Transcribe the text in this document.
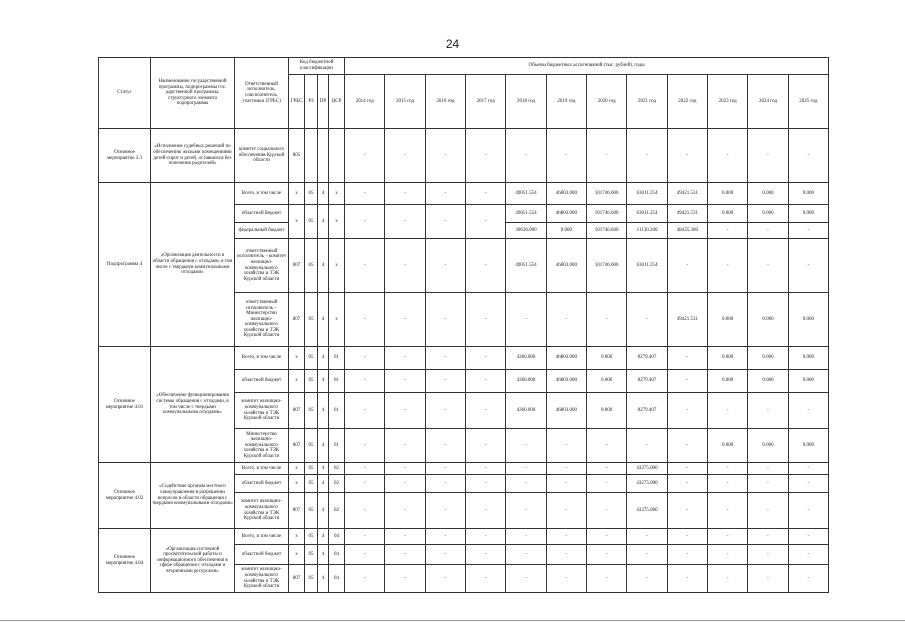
24
Статус	Наименование государственной программы, подпрограммы гос. дарственной программы, структурного элемента подпрограммы	Ответственный исполнитель, соисполнитель, участники (ГРБС)	Код бюджетной классификации				Объемы бюджетных ассигнований (тыс. рублей), годы											
			ГРБС	РЗ	ПР	ЦСР	2014 год	2015 год	2016 год	2017 год	2018 год	2019 год	2020 год	2021 год	2022 год	2023 год	2024 год	2025 год
Основное мероприятие 3.3	«Исполнение судебных решений по обеспечению жилыми помещениями детей-сирот и детей, оставшихся без попечения родителей»	комитет социального обеспечения Курской области	805				-	-	-	-	-	-	-	-	-	-	-	-
Подпрограмма 4	«Организация деятельности в области обращения с отходами, в том числе с твердыми коммунальными отходами»	Всего, в том числе	х	05	4	х	-	-	-	-	49051.554	46803.000	101746.600	63011.254	49421.531	0.000	0.000	0.000
		областной бюджет	х	05	4	х	-	-	-	-	49051.554	46803.000	101746.600	63011.254	49421.531	0.000	0.000	0.000
		федеральный бюджет									30636.000	0.000	101746.600	11130.200	48435.300	-	-	-
		ответственный исполнитель – комитет жилищно-коммунального хозяйства и ТЭК Курской области	807	05	4	х	-	-	-	-	49051.554	46803.000	101746.600	63011.254	-	-	-	-
		ответственный исполнитель – Министерство жилищно-коммунального хозяйства и ТЭК Курской области	807	05	4	х	-	-	-	-	-	-	-	-	49421.531	0.000	0.000	0.000
Основное мероприятие 4.01	«Обеспечение функционирования системы обращения с отходами, в том числе с твердыми коммунальными отходами»	Всего, в том числе	х	05	4	01	-	-	-	-	4360.000	46803.000	0.000	8279.407	-	0.000	0.000	0.000
		областной бюджет	х	05	4	01	-	-	-	-	4360.000	46803.000	0.000	8279.407	-	0.000	0.000	0.000
		комитет жилищно-коммунального хозяйства и ТЭК Курской области	807	05	4	01	-	-	-	-	4360.000	46803.000	0.000	8279.407	-	-	-	-
		Министерство жилищно-коммунального хозяйства и ТЭК Курской области	807	05	4	01	-	-	-	-	-	-	-	-	-	0.000	0.000	0.000
Основное мероприятие 4.02	«Содействие органам местного самоуправления в разрешении вопросов в области обращения с твердыми коммунальными отходами»	Всего, в том числе	х	05	4	02	-	-	-	-	-	-	-	43275.000	-	-	-	-
		областной бюджет	х	05	4	02	-	-	-	-	-	-	-	43275.000	-	-	-	-
		комитет жилищно-коммунального хозяйства и ТЭК Курской области	807	05	4	02	-	-	-	-	-	-	-	43275.000	-	-	-	-
Основное мероприятие 4.04	«Организация системной просветительской работы и информационного обеспечения в сфере обращения с отходами и вторичными ресурсами»	Всего, в том числе	х	05	4	04	-	-	-	-	-	-	-	-	-	-	-	-
		областной бюджет	х	05	4	04	-	-	-	-	-	-	-	-	-	-	-	-
		комитет жилищно-коммунального хозяйства и ТЭК Курской области	807	05	4	04	-	-	-	-	-	-	-	-	-	-	-	-
